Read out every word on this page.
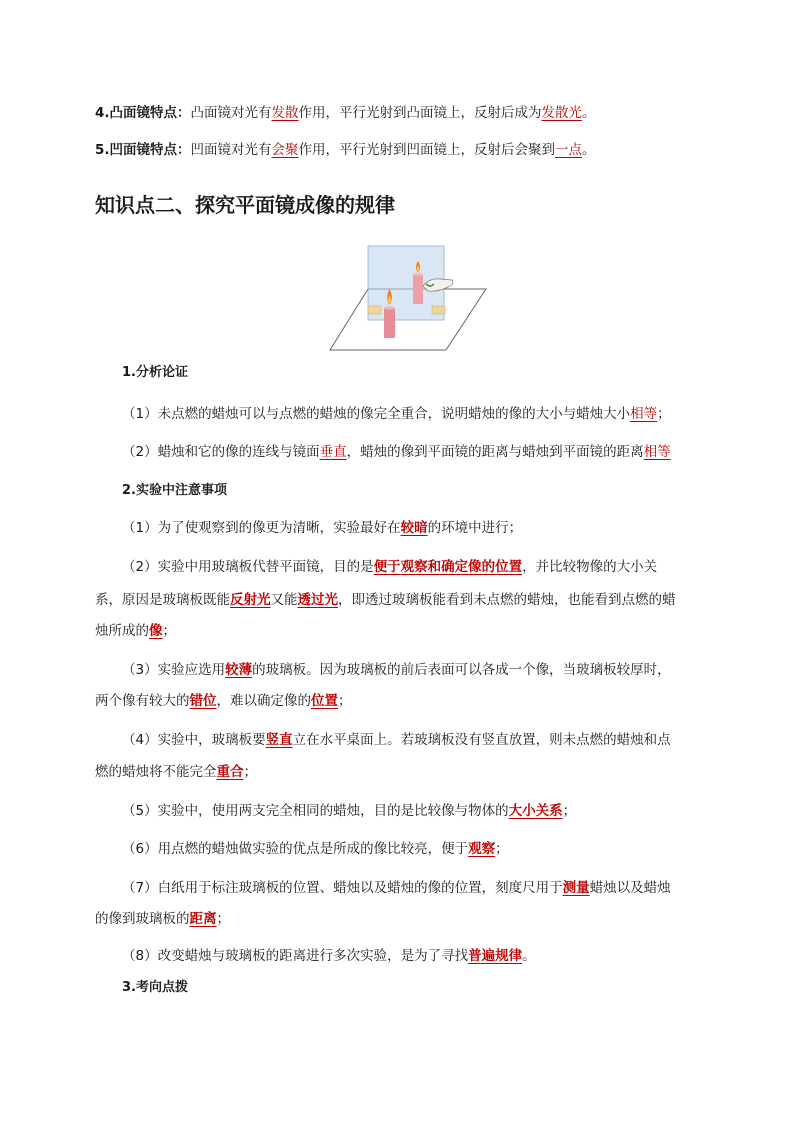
4.凸面镜特点：凸面镜对光有发散作用，平行光射到凸面镜上，反射后成为发散光。
5.凹面镜特点：凹面镜对光有会聚作用，平行光射到凹面镜上，反射后会聚到一点。
知识点二、探究平面镜成像的规律
1.分析论证
（1）未点燃的蜡烛可以与点燃的蜡烛的像完全重合，说明蜡烛的像的大小与蜡烛大小相等；
（2）蜡烛和它的像的连线与镜面垂直，蜡烛的像到平面镜的距离与蜡烛到平面镜的距离相等
2.实验中注意事项
（1）为了使观察到的像更为清晰，实验最好在较暗的环境中进行；
（2）实验中用玻璃板代替平面镜，目的是便于观察和确定像的位置，并比较物像的大小关
系，原因是玻璃板既能反射光又能透过光，即透过玻璃板能看到未点燃的蜡烛，也能看到点燃的蜡
烛所成的像；
（3）实验应选用较薄的玻璃板。因为玻璃板的前后表面可以各成一个像，当玻璃板较厚时，
两个像有较大的错位，难以确定像的位置；
（4）实验中，玻璃板要竖直立在水平桌面上。若玻璃板没有竖直放置，则未点燃的蜡烛和点
燃的蜡烛将不能完全重合；
（5）实验中，使用两支完全相同的蜡烛，目的是比较像与物体的大小关系；
（6）用点燃的蜡烛做实验的优点是所成的像比较亮，便于观察；
（7）白纸用于标注玻璃板的位置、蜡烛以及蜡烛的像的位置，刻度尺用于测量蜡烛以及蜡烛
的像到玻璃板的距离；
（8）改变蜡烛与玻璃板的距离进行多次实验，是为了寻找普遍规律。
3.考向点拨
